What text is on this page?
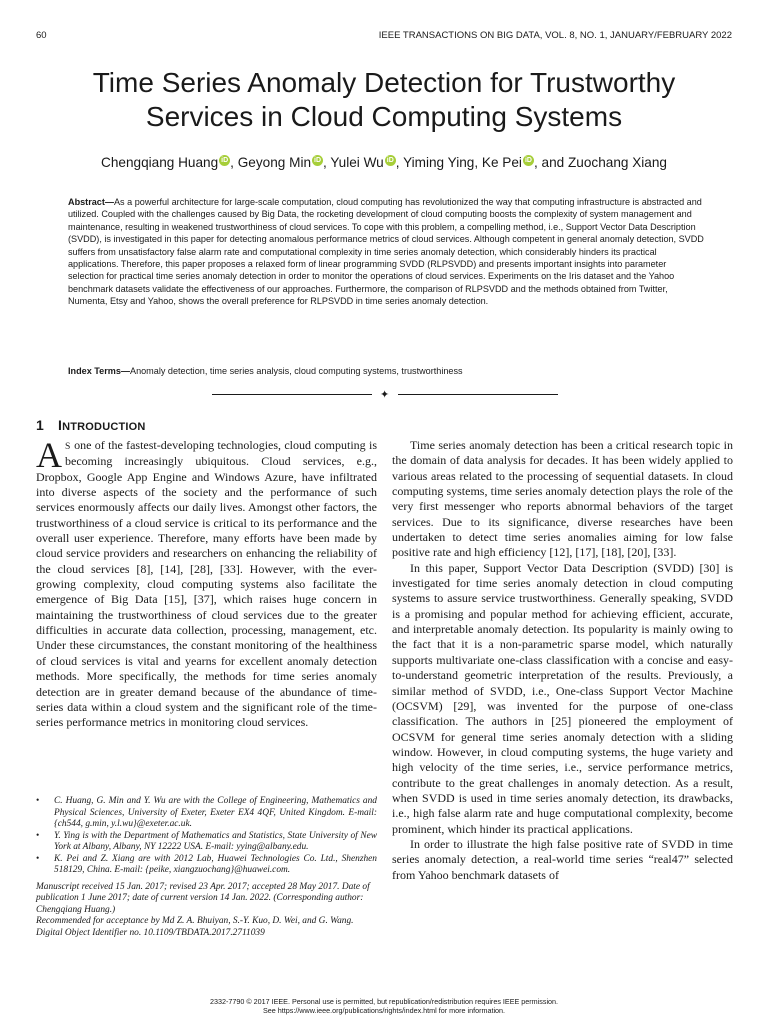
60	IEEE TRANSACTIONS ON BIG DATA, VOL. 8, NO. 1, JANUARY/FEBRUARY 2022
Time Series Anomaly Detection for Trustworthy
Services in Cloud Computing Systems
Chengqiang Huang iD , Geyong Min iD , Yulei Wu iD , Yiming Ying, Ke Pei iD , and Zuochang Xiang
Abstract—As a powerful architecture for large-scale computation, cloud computing has revolutionized the way that computing infrastructure is abstracted and utilized. Coupled with the challenges caused by Big Data, the rocketing development of cloud computing boosts the complexity of system management and maintenance, resulting in weakened trustworthiness of cloud services. To cope with this problem, a compelling method, i.e., Support Vector Data Description (SVDD), is investigated in this paper for detecting anomalous performance metrics of cloud services. Although competent in general anomaly detection, SVDD suffers from unsatisfactory false alarm rate and computational complexity in time series anomaly detection, which considerably hinders its practical applications. Therefore, this paper proposes a relaxed form of linear programming SVDD (RLPSVDD) and presents important insights into parameter selection for practical time series anomaly detection in order to monitor the operations of cloud services. Experiments on the Iris dataset and the Yahoo benchmark datasets validate the effectiveness of our approaches. Furthermore, the comparison of RLPSVDD and the methods obtained from Twitter, Numenta, Etsy and Yahoo, shows the overall preference for RLPSVDD in time series anomaly detection.
Index Terms—Anomaly detection, time series analysis, cloud computing systems, trustworthiness
✦
1 INTRODUCTION

A S one of the fastest-developing technologies, cloud computing is becoming increasingly ubiquitous. Cloud services, e.g., Dropbox, Google App Engine and Windows Azure, have infiltrated into diverse aspects of the society and the performance of such services enormously affects our daily lives. Amongst other factors, the trustworthiness of a cloud service is critical to its performance and the overall user experience. Therefore, many efforts have been made by cloud service providers and researchers on enhancing the reliability of the cloud services [8], [14], [28], [33]. However, with the ever-growing complexity, cloud computing systems also facilitate the emergence of Big Data [15], [37], which raises huge concern in maintaining the trustworthiness of cloud services due to the greater difficulties in accurate data collection, processing, management, etc. Under these circumstances, the constant monitoring of the healthiness of cloud services is vital and yearns for excellent anomaly detection methods. More specifically, the methods for time series anomaly detection are in greater demand because of the abundance of time-series data within a cloud system and the significant role of the time-series performance metrics in monitoring cloud services.

Time series anomaly detection has been a critical research topic in the domain of data analysis for decades. It has been widely applied to various areas related to the processing of sequential datasets. In cloud computing systems, time series anomaly detection plays the role of the very first messenger who reports abnormal behaviors of the target services. Due to its significance, diverse researches have been undertaken to detect time series anomalies aiming for low false positive rate and high efficiency [12], [17], [18], [20], [33].

In this paper, Support Vector Data Description (SVDD) [30] is investigated for time series anomaly detection in cloud computing systems to assure service trustworthiness. Generally speaking, SVDD is a promising and popular method for achieving efficient, accurate, and interpretable anomaly detection. Its popularity is mainly owing to the fact that it is a non-parametric sparse model, which naturally supports multivariate one-class classification with a concise and easy-to-understand geometric interpretation of the results. Previously, a similar method of SVDD, i.e., One-class Support Vector Machine (OCSVM) [29], was invented for the purpose of one-class classification. The authors in [25] pioneered the employment of OCSVM for general time series anomaly detection with a sliding window. However, in cloud computing systems, the huge variety and high velocity of the time series, i.e., service performance metrics, contribute to the great challenges in anomaly detection. As a result, when SVDD is used in time series anomaly detection, its drawbacks, i.e., high false alarm rate and huge computational complexity, become prominent, which hinder its practical applications.

In order to illustrate the high false positive rate of SVDD in time series anomaly detection, a real-world time series “real47” selected from Yahoo benchmark datasets of

• C. Huang, G. Min and Y. Wu are with the College of Engineering, Mathematics and Physical Sciences, University of Exeter, Exeter EX4 4QF, United Kingdom. E-mail: {ch544, g.min, y.l.wu}@exeter.ac.uk.
• Y. Ying is with the Department of Mathematics and Statistics, State University of New York at Albany, Albany, NY 12222 USA. E-mail: yying@albany.edu.
• K. Pei and Z. Xiang are with 2012 Lab, Huawei Technologies Co. Ltd., Shenzhen 518129, China. E-mail: {peike, xiangzuochang}@huawei.com.
Manuscript received 15 Jan. 2017; revised 23 Apr. 2017; accepted 28 May 2017. Date of publication 1 June 2017; date of current version 14 Jan. 2022. (Corresponding author: Chengqiang Huang.)
Recommended for acceptance by Md Z. A. Bhuiyan, S.-Y. Kuo, D. Wei, and G. Wang.
Digital Object Identifier no. 10.1109/TBDATA.2017.2711039
2332-7790 © 2017 IEEE. Personal use is permitted, but republication/redistribution requires IEEE permission.
See https://www.ieee.org/publications/rights/index.html for more information.
